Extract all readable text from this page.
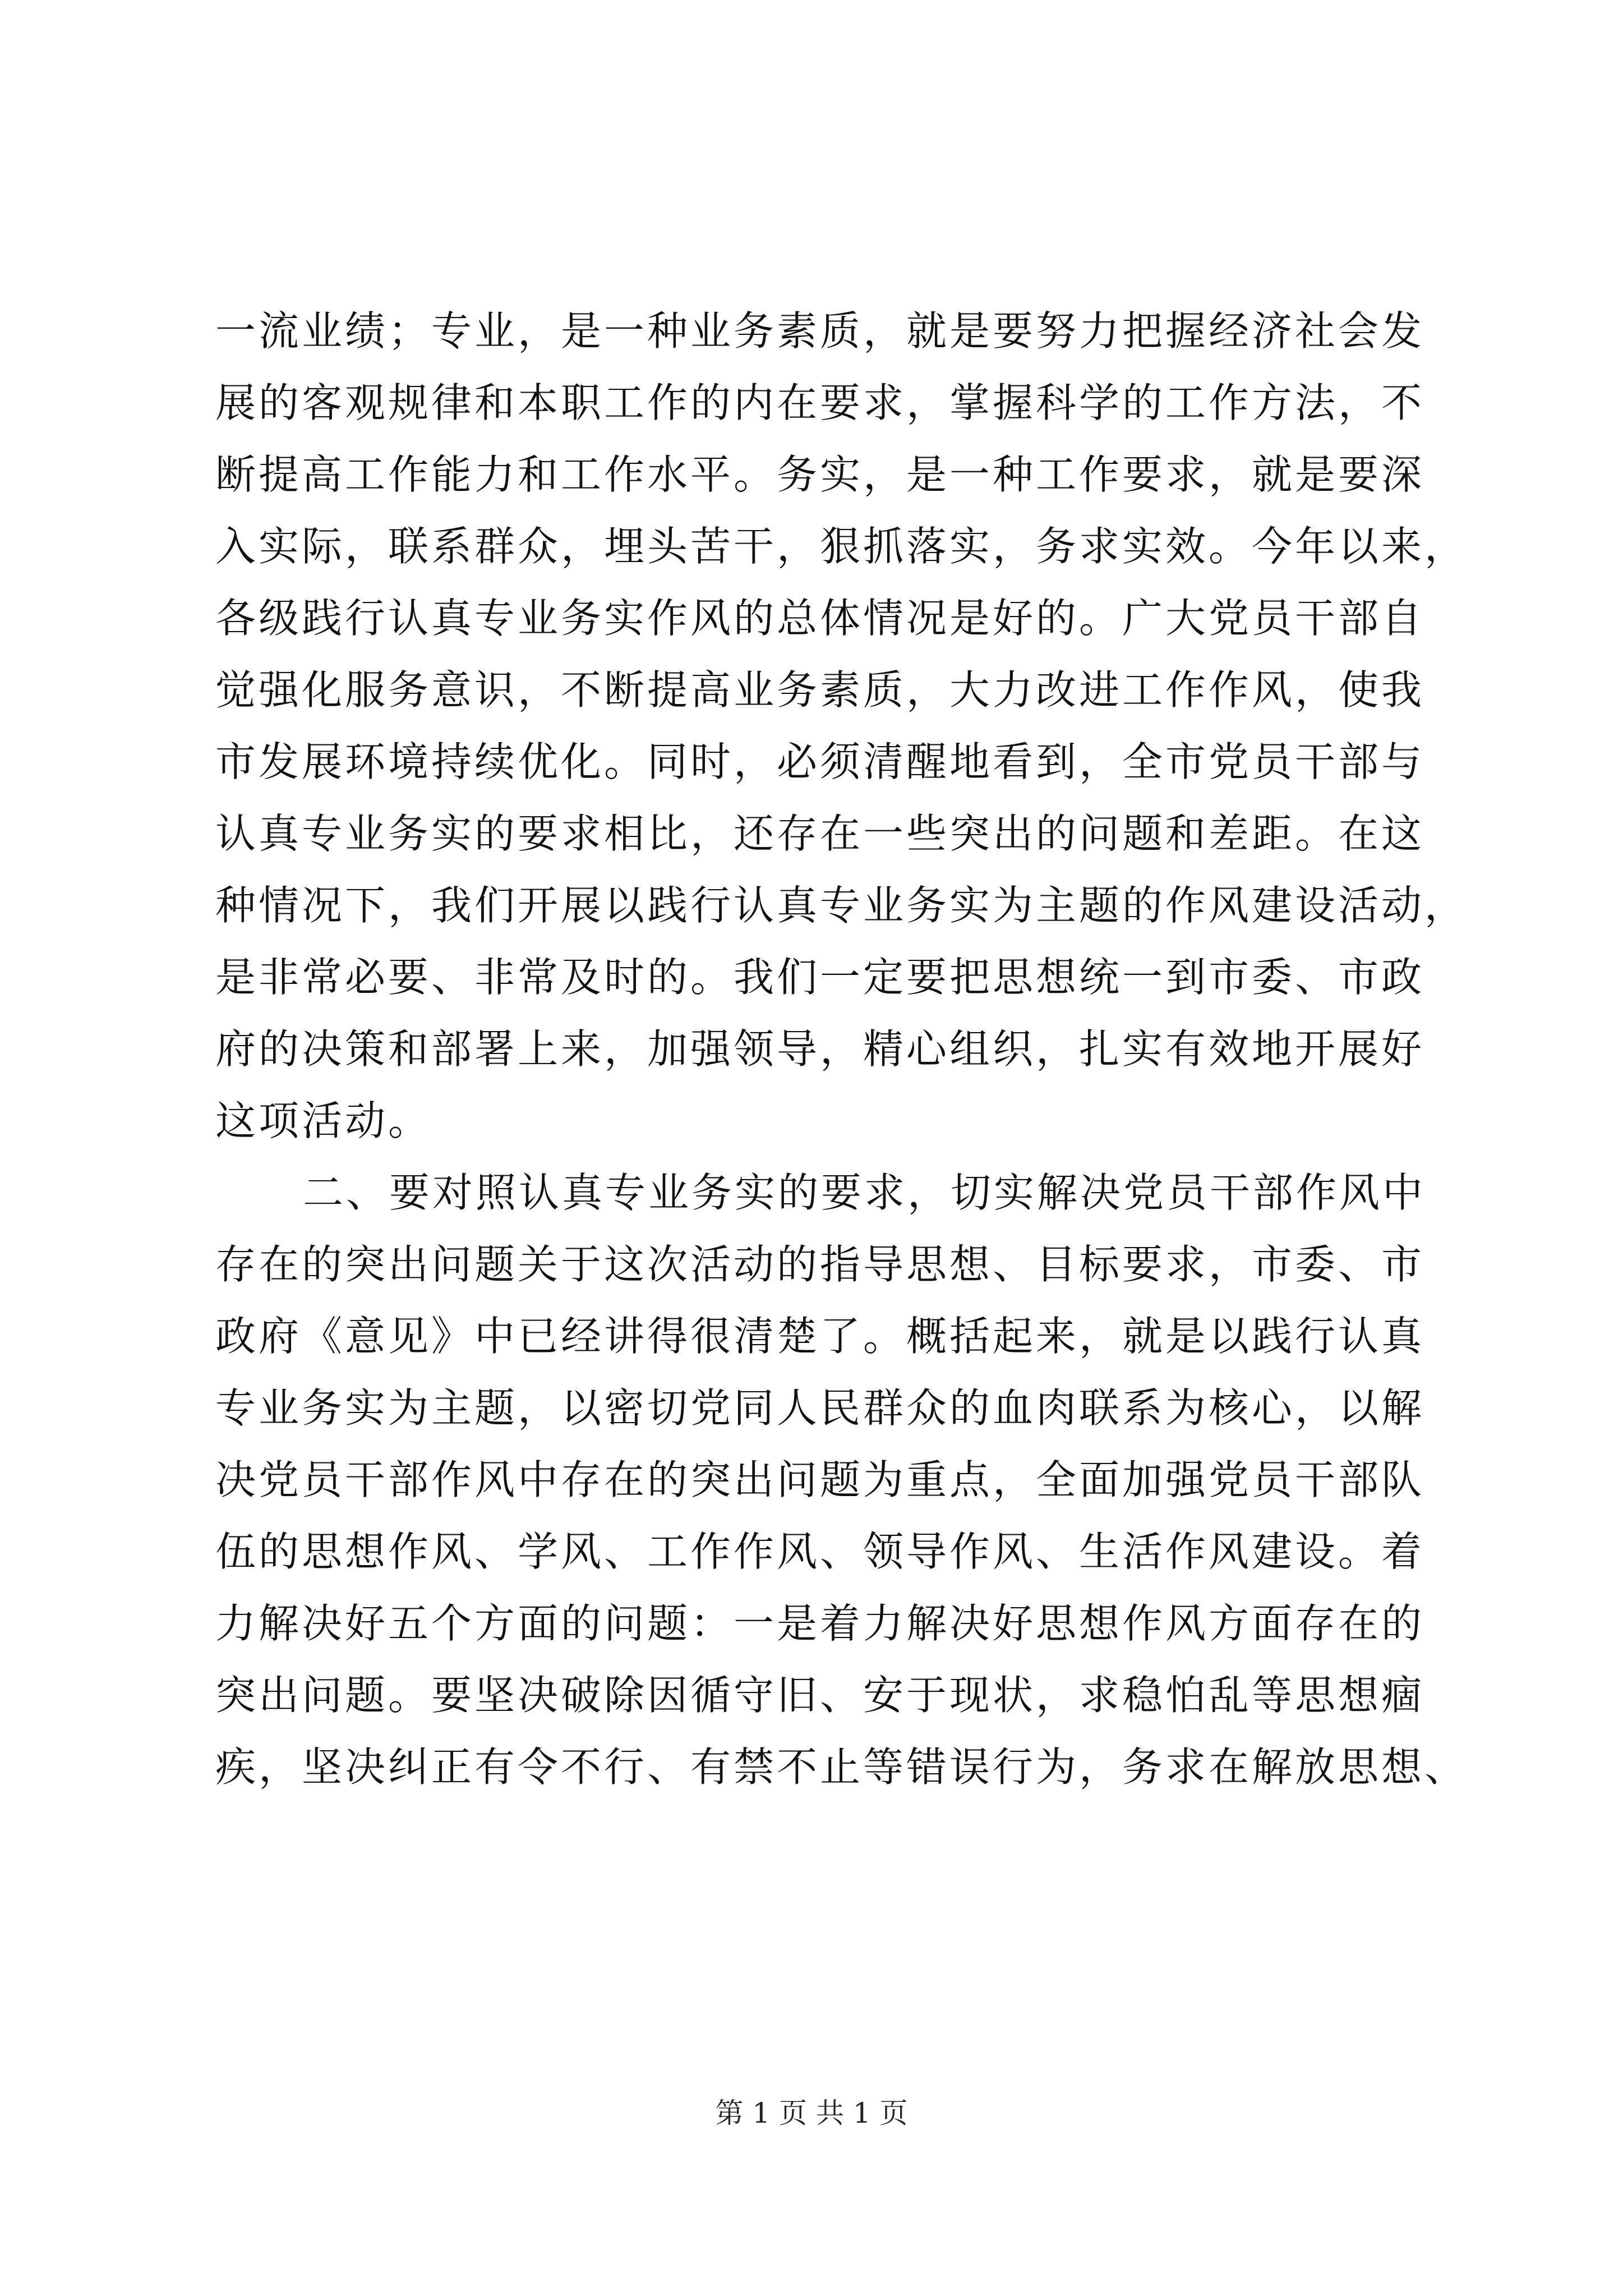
一流业绩；专业，是一种业务素质，就是要努力把握经济社会发
展的客观规律和本职工作的内在要求，掌握科学的工作方法，不
断提高工作能力和工作水平。务实，是一种工作要求，就是要深
入实际，联系群众，埋头苦干，狠抓落实，务求实效。今年以来，
各级践行认真专业务实作风的总体情况是好的。广大党员干部自
觉强化服务意识，不断提高业务素质，大力改进工作作风，使我
市发展环境持续优化。同时，必须清醒地看到，全市党员干部与
认真专业务实的要求相比，还存在一些突出的问题和差距。在这
种情况下，我们开展以践行认真专业务实为主题的作风建设活动，
是非常必要、非常及时的。我们一定要把思想统一到市委、市政
府的决策和部署上来，加强领导，精心组织，扎实有效地开展好
这项活动。
二、要对照认真专业务实的要求，切实解决党员干部作风中
存在的突出问题关于这次活动的指导思想、目标要求，市委、市
政府《意见》中已经讲得很清楚了。概括起来，就是以践行认真
专业务实为主题，以密切党同人民群众的血肉联系为核心，以解
决党员干部作风中存在的突出问题为重点，全面加强党员干部队
伍的思想作风、学风、工作作风、领导作风、生活作风建设。着
力解决好五个方面的问题：一是着力解决好思想作风方面存在的
突出问题。要坚决破除因循守旧、安于现状，求稳怕乱等思想痼
疾，坚决纠正有令不行、有禁不止等错误行为，务求在解放思想、
第 1 页 共 1 页
